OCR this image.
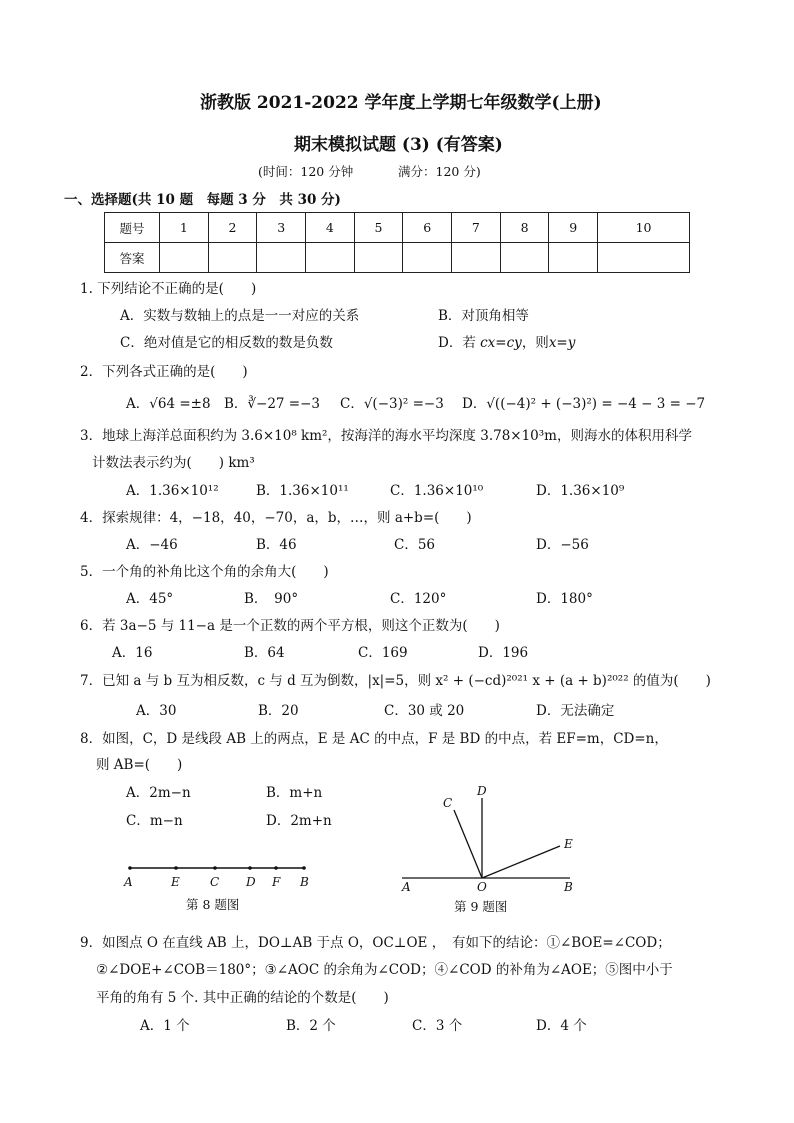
浙教版 2021-2022 学年度上学期七年级数学(上册)
期末模拟试题 (3) (有答案)
(时间：120 分钟	满分：120 分)
一、选择题(共 10 题　每题 3 分　共 30 分)
题号	1	2	3	4	5	6	7	8	9	10
答案										
1. 下列结论不正确的是(　　)
A．实数与数轴上的点是一一对应的关系	B．对顶角相等
C．绝对值是它的相反数的数是负数	D．若 cx=cy，则x=y
2．下列各式正确的是(　　)
A．√64 =±8 B．∛−27 =−3 C．√(−3)² =−3 D．√((−4)² + (−3)²) = −4 − 3 = −7
3．地球上海洋总面积约为 3.6×10⁸ km²，按海洋的海水平均深度 3.78×10³m，则海水的体积用科学
计数法表示约为(　　) km³
A．1.36×10¹²	B．1.36×10¹¹	C．1.36×10¹⁰	D．1.36×10⁹
4．探索规律：4，−18，40，−70，a，b，…，则 a+b=(　　)
A．−46	B．46	C．56	D．−56
5．一个角的补角比这个角的余角大(　　)
A．45°	B．　90°	C．120°	D．180°
6．若 3a−5 与 11−a 是一个正数的两个平方根，则这个正数为(　　)
A．16	B．64	C．169	D．196
7．已知 a 与 b 互为相反数，c 与 d 互为倒数，|x|=5，则 x² + (−cd)²⁰²¹ x + (a + b)²⁰²² 的值为(　　)
A．30	B．20	C．30 或 20	D．无法确定
8．如图，C，D 是线段 AB 上的两点，E 是 AC 的中点，F 是 BD 的中点，若 EF=m，CD=n，
则 AB=(　　)
A．2m−n	B．m+n
C．m−n	D．2m+n
A	E	C D F B
第 8 题图
C
D
E
A	O	B
第 9 题图
9．如图点 O 在直线 AB 上，DO⊥AB 于点 O，OC⊥OE ，　有如下的结论：①∠BOE=∠COD；
②∠DOE+∠COB＝180°；③∠AOC 的余角为∠COD；④∠COD 的补角为∠AOE；⑤图中小于
平角的角有 5 个. 其中正确的结论的个数是(　　)
A．1 个	B．2 个	C．3 个	D．4 个
